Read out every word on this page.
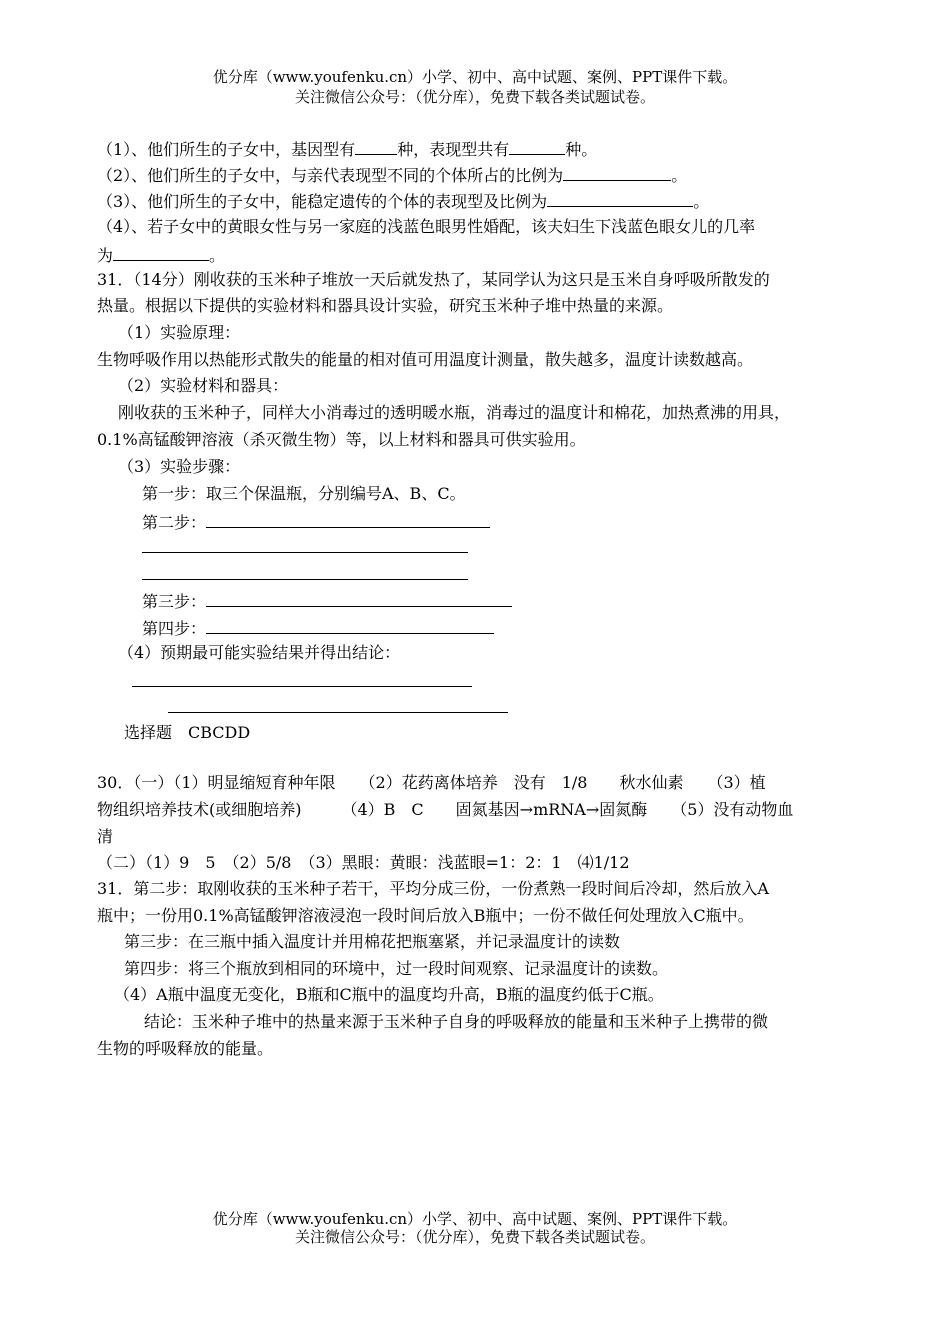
优分库（www.youfenku.cn）小学、初中、高中试题、案例、PPT课件下载。
关注微信公众号：（优分库），免费下载各类试题试卷。
（1）、他们所生的子女中，基因型有	种，表现型共有	种。
（2）、他们所生的子女中，与亲代表现型不同的个体所占的比例为	。
（3）、他们所生的子女中，能稳定遗传的个体的表现型及比例为	。
（4）、若子女中的黄眼女性与另一家庭的浅蓝色眼男性婚配，该夫妇生下浅蓝色眼女儿的几率
为	。
31．（14分）刚收获的玉米种子堆放一天后就发热了，某同学认为这只是玉米自身呼吸所散发的
热量。根据以下提供的实验材料和器具设计实验，研究玉米种子堆中热量的来源。
（1）实验原理：
生物呼吸作用以热能形式散失的能量的相对值可用温度计测量，散失越多，温度计读数越高。
（2）实验材料和器具：
刚收获的玉米种子，同样大小消毒过的透明暖水瓶，消毒过的温度计和棉花，加热煮沸的用具，
0.1%高锰酸钾溶液（杀灭微生物）等，以上材料和器具可供实验用。
（3）实验步骤：
第一步：取三个保温瓶，分别编号A、B、C。
第二步：
第三步：
第四步：
（4）预期最可能实验结果并得出结论：
选择题　CBCDD
30．（一）（1）明显缩短育种年限　　（2）花药离体培养　没有　1/8　　秋水仙素　　（3）植
物组织培养技术(或细胞培养)　　　（4）B　C　　固氮基因→mRNA→固氮酶　　（5）没有动物血
清
（二）（1）9　5　（2）5/8　（3）黑眼：黄眼：浅蓝眼=1：2：1　⑷1/12
31．第二步：取刚收获的玉米种子若干，平均分成三份，一份煮熟一段时间后冷却，然后放入A
瓶中；一份用0.1%高锰酸钾溶液浸泡一段时间后放入B瓶中；一份不做任何处理放入C瓶中。
第三步：在三瓶中插入温度计并用棉花把瓶塞紧，并记录温度计的读数
第四步：将三个瓶放到相同的环境中，过一段时间观察、记录温度计的读数。
（4）A瓶中温度无变化，B瓶和C瓶中的温度均升高，B瓶的温度约低于C瓶。
结论：玉米种子堆中的热量来源于玉米种子自身的呼吸释放的能量和玉米种子上携带的微
生物的呼吸释放的能量。
优分库（www.youfenku.cn）小学、初中、高中试题、案例、PPT课件下载。
关注微信公众号：（优分库），免费下载各类试题试卷。
